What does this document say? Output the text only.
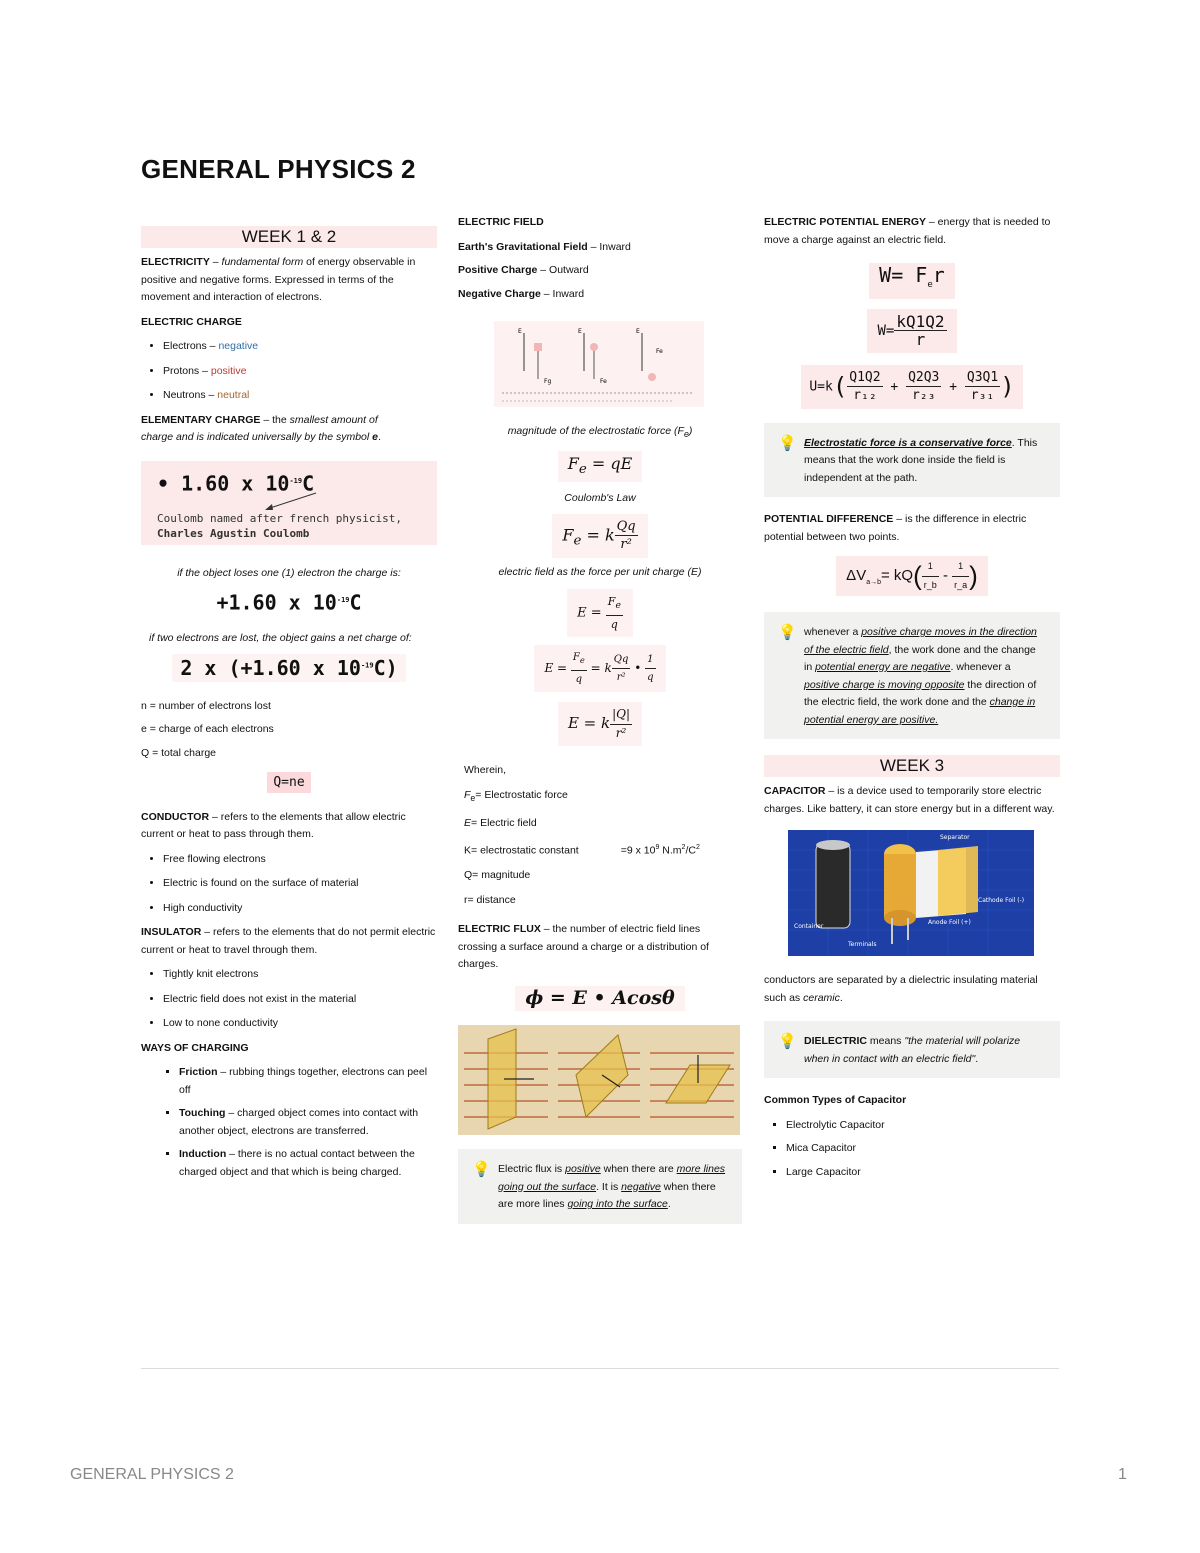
GENERAL PHYSICS 2
WEEK 1 & 2

ELECTRICITY – fundamental form of energy observable in positive and negative forms. Expressed in terms of the movement and interaction of electrons.

ELECTRIC CHARGE

• Electrons – negative
• Protons – positive
• Neutrons – neutral

ELEMENTARY CHARGE – the smallest amount of
charge and is indicated universally by the symbol e.

• 1.60 x $10^{-19}C$
Coulomb named after french physicist,
Charles Agustin Coulomb

if the object loses one (1) electron the charge is:

+1.60 x $10^{-19}C$

if two electrons are lost, the object gains a net charge of:

2 x (+1.60 x $10^{-19}C$)

n = number of electrons lost

e = charge of each electrons

Q = total charge

Q=ne

CONDUCTOR – refers to the elements that allow electric current or heat to pass through them.

• Free flowing electrons
• Electric is found on the surface of material
• High conductivity

INSULATOR – refers to the elements that do not permit electric current or heat to travel through them.

• Tightly knit electrons
• Electric field does not exist in the material
• Low to none conductivity

WAYS OF CHARGING

▪ Friction – rubbing things together, electrons can peel off
▪ Touching – charged object comes into contact with another object, electrons are transferred.
▪ Induction – there is no actual contact between the charged object and that which is being charged.

ELECTRIC FIELD

Earth's Gravitational Field – Inward

Positive Charge – Outward

Negative Charge – Inward

E	E	E
Fg	Fe
Fe

magnitude of the electrostatic force $(F_e)$

$F_e$ = qE

Coulomb's Law

$F_e = k \frac{Qq}{\text{r²}}$

electric field as the force per unit charge (E)

$E = \frac{F_e}{q}$
$E = \frac{F_e}{q} = k \frac{Qq}{\text{r²}}$ • $\frac{1}{q}$
E = k $\frac{|Q|}{\text{r²}}$

Wherein,

$F_e=$ Electrostatic force

E= Electric field

K= electrostatic constant	=9 x $10^9$ $N.m^2/C^2$

Q= magnitude

r= distance

ELECTRIC FLUX – the number of electric field lines crossing a surface around a charge or a distribution of charges.

ϕ = E • Acosθ
💡 Electric flux is positive when there are more lines going out the surface. It is negative when there are more lines going into the surface.

ELECTRIC POTENTIAL ENERGY – energy that is needed to move a charge against an electric field.

$W= F_er$
$W= \frac{kQ1Q2}{r}$
$U=k( \frac{Q1Q2}{\text{r₁₂}} + \frac{Q2Q3}{\text{r₂₃}} + \frac{Q3Q1}{\text{r₃₁}}$ )
💡 Electrostatic force is a conservative force. This means that the work done inside the field is independent at the path.

POTENTIAL DIFFERENCE – is the difference in electric potential between two points.

$\Delta V_{a\to b}= kQ( \frac{1}{r\_b} - \frac{1}{r\_a}$ )
💡 whenever a positive charge moves in the direction of the electric field, the work done and the change in potential energy are negative. whenever a positive charge is moving opposite the direction of the electric field, the work done and the change in potential energy are positive.
WEEK 3

CAPACITOR – is a device used to temporarily store electric charges. Like battery, it can store energy but in a different way.

Separator
Cathode Foil (-)
Anode Foil (+)
Container
Terminals

conductors are separated by a dielectric insulating material such as ceramic.

💡 DIELECTRIC means "the material will polarize when in contact with an electric field".

Common Types of Capacitor

▪ Electrolytic Capacitor
▪ Mica Capacitor
▪ Large Capacitor
GENERAL PHYSICS 2	1
